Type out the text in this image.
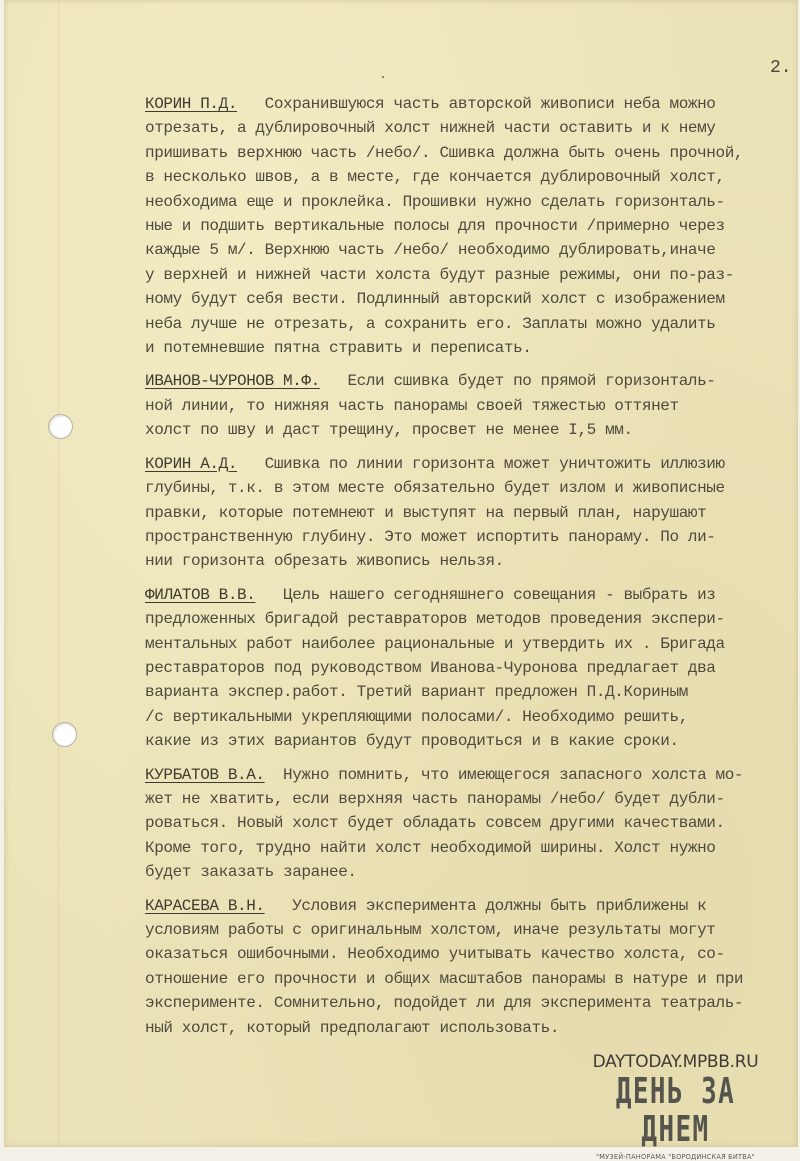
2.
КОРИН П.Д.   Сохранившуюся часть авторской живописи неба можно
отрезать, а дублировочный холст нижней части оставить и к нему
пришивать верхнюю часть /небо/. Сшивка должна быть очень прочной,
в несколько швов, а в месте, где кончается дублировочный холст,
необходима еще и проклейка. Прошивки нужно сделать горизонталь-
ные и подшить вертикальные полосы для прочности /примерно через
каждые 5 м/. Верхнюю часть /небо/ необходимо дублировать,иначе
у верхней и нижней части холста будут разные режимы, они по-раз-
ному будут себя вести. Подлинный авторский холст с изображением
неба лучше не отрезать, а сохранить его. Заплаты можно удалить
и потемневшие пятна стравить и переписать.
ИВАНОВ-ЧУРОНОВ М.Ф.   Если сшивка будет по прямой горизонталь-
ной линии, то нижняя часть панорамы своей тяжестью оттянет
холст по шву и даст трещину, просвет не менее I,5 мм.
КОРИН А.Д.   Сшивка по линии горизонта может уничтожить иллюзию
глубины, т.к. в этом месте обязательно будет излом и живописные
правки, которые потемнеют и выступят на первый план, нарушают
пространственную глубину. Это может испортить панораму. По ли-
нии горизонта обрезать живопись нельзя.
ФИЛАТОВ В.В.   Цель нашего сегодняшнего совещания - выбрать из
предложенных бригадой реставраторов методов проведения экспери-
ментальных работ наиболее рациональные и утвердить их . Бригада
реставраторов под руководством Иванова-Чуронова предлагает два
варианта экспер.работ. Третий вариант предложен П.Д.Кориным
/с вертикальными укрепляющими полосами/. Необходимо решить,
какие из этих вариантов будут проводиться и в какие сроки.
КУРБАТОВ В.А.  Нужно помнить, что имеющегося запасного холста мо-
жет не хватить, если верхняя часть панорамы /небо/ будет дубли-
роваться. Новый холст будет обладать совсем другими качествами.
Кроме того, трудно найти холст необходимой ширины. Холст нужно
будет заказать заранее.
КАРАСЕВА В.Н.   Условия эксперимента должны быть приближены к
условиям работы с оригинальным холстом, иначе результаты могут
оказаться ошибочными. Необходимо учитывать качество холста, со-
отношение его прочности и общих масштабов панорамы в натуре и при
эксперименте. Сомнительно, подойдет ли для эксперимента театраль-
ный холст, который предполагают использовать.
DAYTODAY.MPBB.RU
ДЕНЬ ЗА ДНЕМ
"МУЗЕЙ-ПАНОРАМА "БОРОДИНСКАЯ БИТВА"
